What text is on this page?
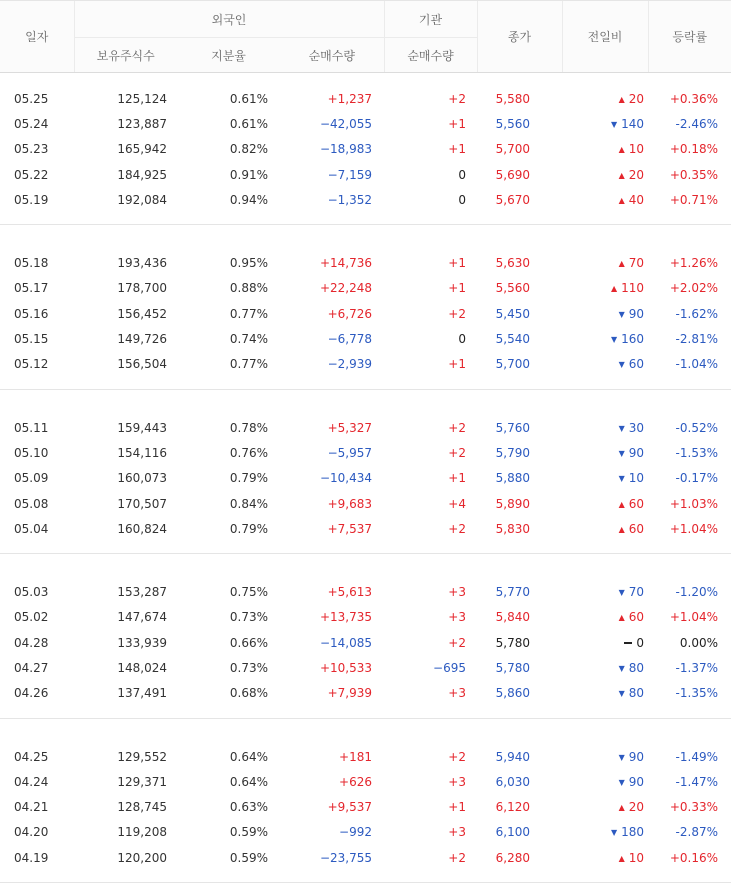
일자	외국인			기관	종가	전일비	등락률
	보유주식수	지분율	순매수량	순매수량			

05.25	125,124	0.61%	+1,237	+2	5,580	▲ 20	+0.36%
05.24	123,887	0.61%	−42,055	+1	5,560	▼ 140	-2.46%
05.23	165,942	0.82%	−18,983	+1	5,700	▲ 10	+0.18%
05.22	184,925	0.91%	−7,159	0	5,690	▲ 20	+0.35%
05.19	192,084	0.94%	−1,352	0	5,670	▲ 40	+0.71%

05.18	193,436	0.95%	+14,736	+1	5,630	▲ 70	+1.26%
05.17	178,700	0.88%	+22,248	+1	5,560	▲ 110	+2.02%
05.16	156,452	0.77%	+6,726	+2	5,450	▼ 90	-1.62%
05.15	149,726	0.74%	−6,778	0	5,540	▼ 160	-2.81%
05.12	156,504	0.77%	−2,939	+1	5,700	▼ 60	-1.04%

05.11	159,443	0.78%	+5,327	+2	5,760	▼ 30	-0.52%
05.10	154,116	0.76%	−5,957	+2	5,790	▼ 90	-1.53%
05.09	160,073	0.79%	−10,434	+1	5,880	▼ 10	-0.17%
05.08	170,507	0.84%	+9,683	+4	5,890	▲ 60	+1.03%
05.04	160,824	0.79%	+7,537	+2	5,830	▲ 60	+1.04%

05.03	153,287	0.75%	+5,613	+3	5,770	▼ 70	-1.20%
05.02	147,674	0.73%	+13,735	+3	5,840	▲ 60	+1.04%
04.28	133,939	0.66%	−14,085	+2	5,780	0	0.00%
04.27	148,024	0.73%	+10,533	−695	5,780	▼ 80	-1.37%
04.26	137,491	0.68%	+7,939	+3	5,860	▼ 80	-1.35%

04.25	129,552	0.64%	+181	+2	5,940	▼ 90	-1.49%
04.24	129,371	0.64%	+626	+3	6,030	▼ 90	-1.47%
04.21	128,745	0.63%	+9,537	+1	6,120	▲ 20	+0.33%
04.20	119,208	0.59%	−992	+3	6,100	▼ 180	-2.87%
04.19	120,200	0.59%	−23,755	+2	6,280	▲ 10	+0.16%
